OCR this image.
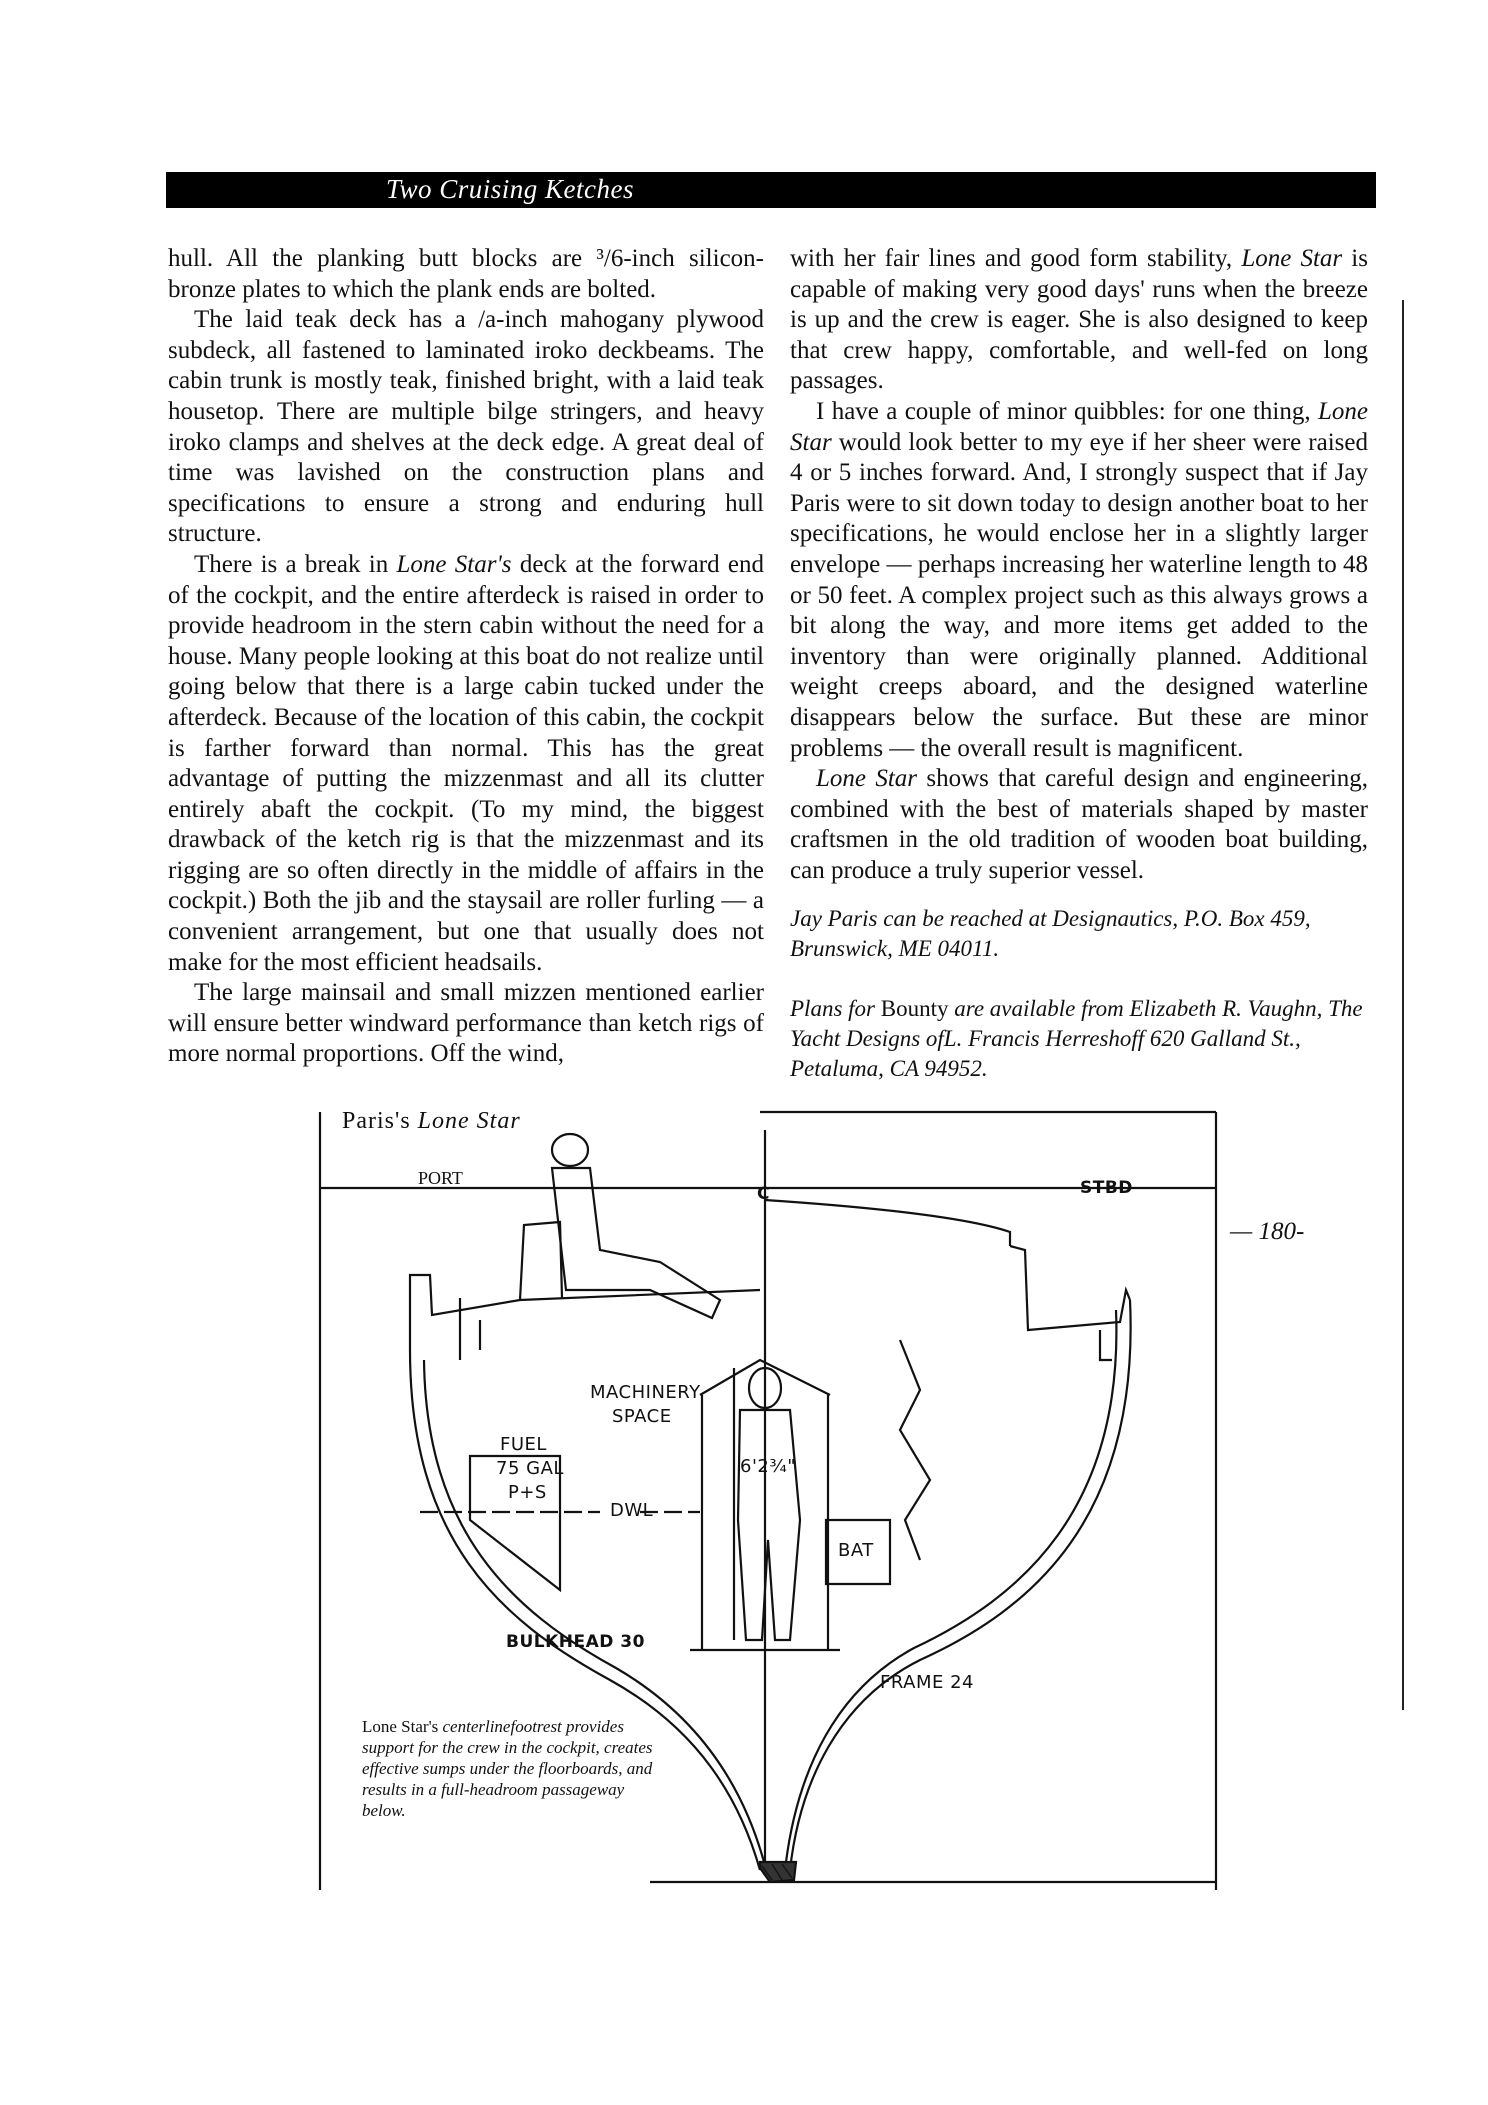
Two Cruising Ketches

hull. All the planking butt blocks are ³/6-inch silicon-bronze plates to which the plank ends are bolted.

The laid teak deck has a /a-inch mahogany plywood subdeck, all fastened to laminated iroko deckbeams. The cabin trunk is mostly teak, finished bright, with a laid teak housetop. There are multiple bilge stringers, and heavy iroko clamps and shelves at the deck edge. A great deal of time was lavished on the construction plans and specifications to ensure a strong and enduring hull structure.

There is a break in Lone Star's deck at the forward end of the cockpit, and the entire afterdeck is raised in order to provide headroom in the stern cabin without the need for a house. Many people looking at this boat do not realize until going below that there is a large cabin tucked under the afterdeck. Because of the location of this cabin, the cockpit is farther forward than normal. This has the great advantage of putting the mizzenmast and all its clutter entirely abaft the cockpit. (To my mind, the biggest drawback of the ketch rig is that the mizzenmast and its rigging are so often directly in the middle of affairs in the cockpit.) Both the jib and the staysail are roller furling — a convenient arrangement, but one that usually does not make for the most efficient headsails.

The large mainsail and small mizzen mentioned earlier will ensure better windward performance than ketch rigs of more normal proportions. Off the wind,

with her fair lines and good form stability, Lone Star is capable of making very good days' runs when the breeze is up and the crew is eager. She is also designed to keep that crew happy, comfortable, and well-fed on long passages.

I have a couple of minor quibbles: for one thing, Lone Star would look better to my eye if her sheer were raised 4 or 5 inches forward. And, I strongly suspect that if Jay Paris were to sit down today to design another boat to her specifications, he would enclose her in a slightly larger envelope — perhaps increasing her waterline length to 48 or 50 feet. A complex project such as this always grows a bit along the way, and more items get added to the inventory than were originally planned. Additional weight creeps aboard, and the designed waterline disappears below the surface. But these are minor problems — the overall result is magnificent.

Lone Star shows that careful design and engineering, combined with the best of materials shaped by master craftsmen in the old tradition of wooden boat building, can produce a truly superior vessel.

Jay Paris can be reached at Designautics, P.O. Box 459, Brunswick, ME 04011.

Plans for Bounty are available from Elizabeth R. Vaughn, The Yacht Designs ofL. Francis Herreshoff 620 Galland St., Petaluma, CA 94952.

Paris's Lone Star
PORT
— 180-
C	STBD
MACHINERY
SPACE
FUEL
75 GAL
P+S
DWL
6'2¾"
BAT
BULKHEAD 30
FRAME 24
Lone Star's centerlinefootrest provides support for the crew in the cockpit, creates effective sumps under the floorboards, and results in a full-headroom passageway below.
